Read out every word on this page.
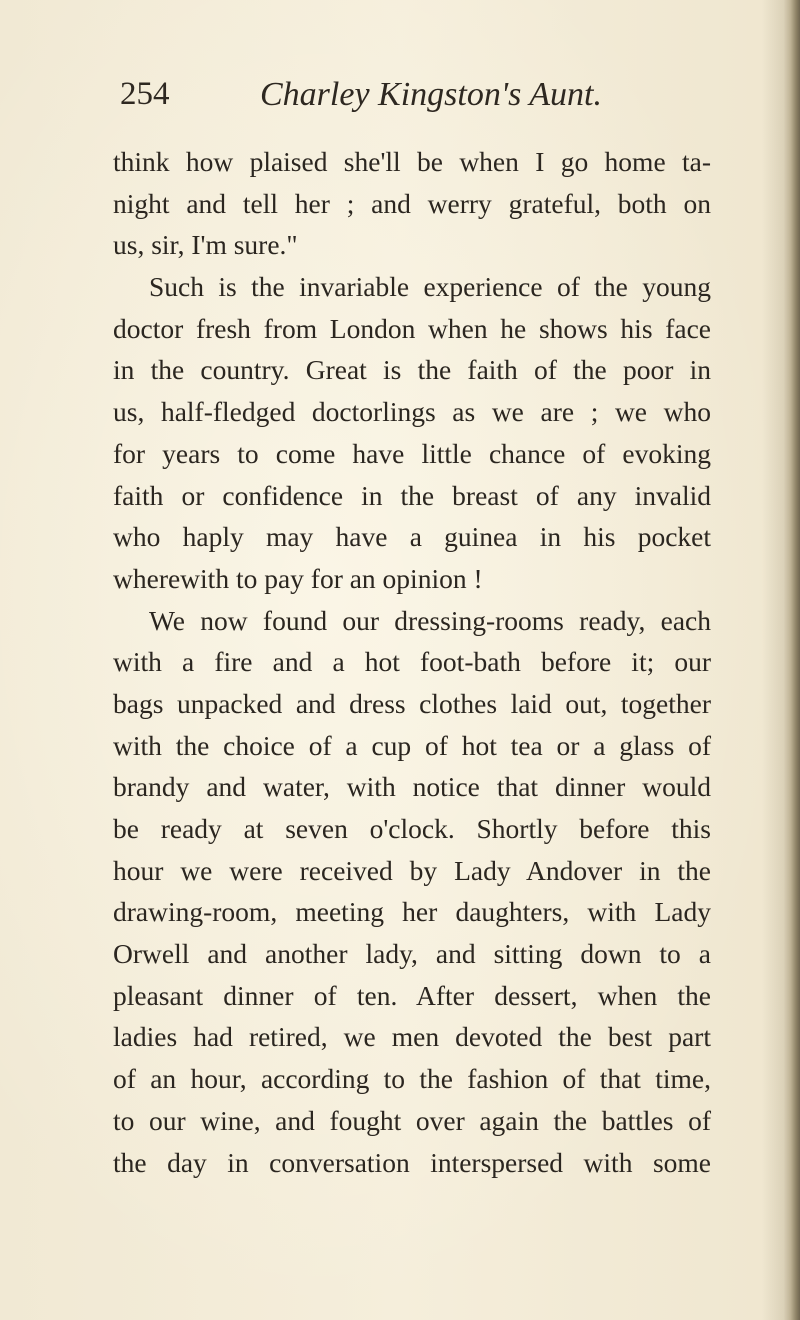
254	Charley Kingston's Aunt.
think how plaised she'll be when I go home ta-
night and tell her ; and werry grateful, both on
us, sir, I'm sure."
Such is the invariable experience of the young
doctor fresh from London when he shows his face
in the country. Great is the faith of the poor in
us, half-fledged doctorlings as we are ; we who
for years to come have little chance of evoking
faith or confidence in the breast of any invalid
who haply may have a guinea in his pocket
wherewith to pay for an opinion !
We now found our dressing-rooms ready, each
with a fire and a hot foot-bath before it; our
bags unpacked and dress clothes laid out, together
with the choice of a cup of hot tea or a glass of
brandy and water, with notice that dinner would
be ready at seven o'clock. Shortly before this
hour we were received by Lady Andover in the
drawing-room, meeting her daughters, with Lady
Orwell and another lady, and sitting down to a
pleasant dinner of ten. After dessert, when the
ladies had retired, we men devoted the best part
of an hour, according to the fashion of that time,
to our wine, and fought over again the battles of
the day in conversation interspersed with some
